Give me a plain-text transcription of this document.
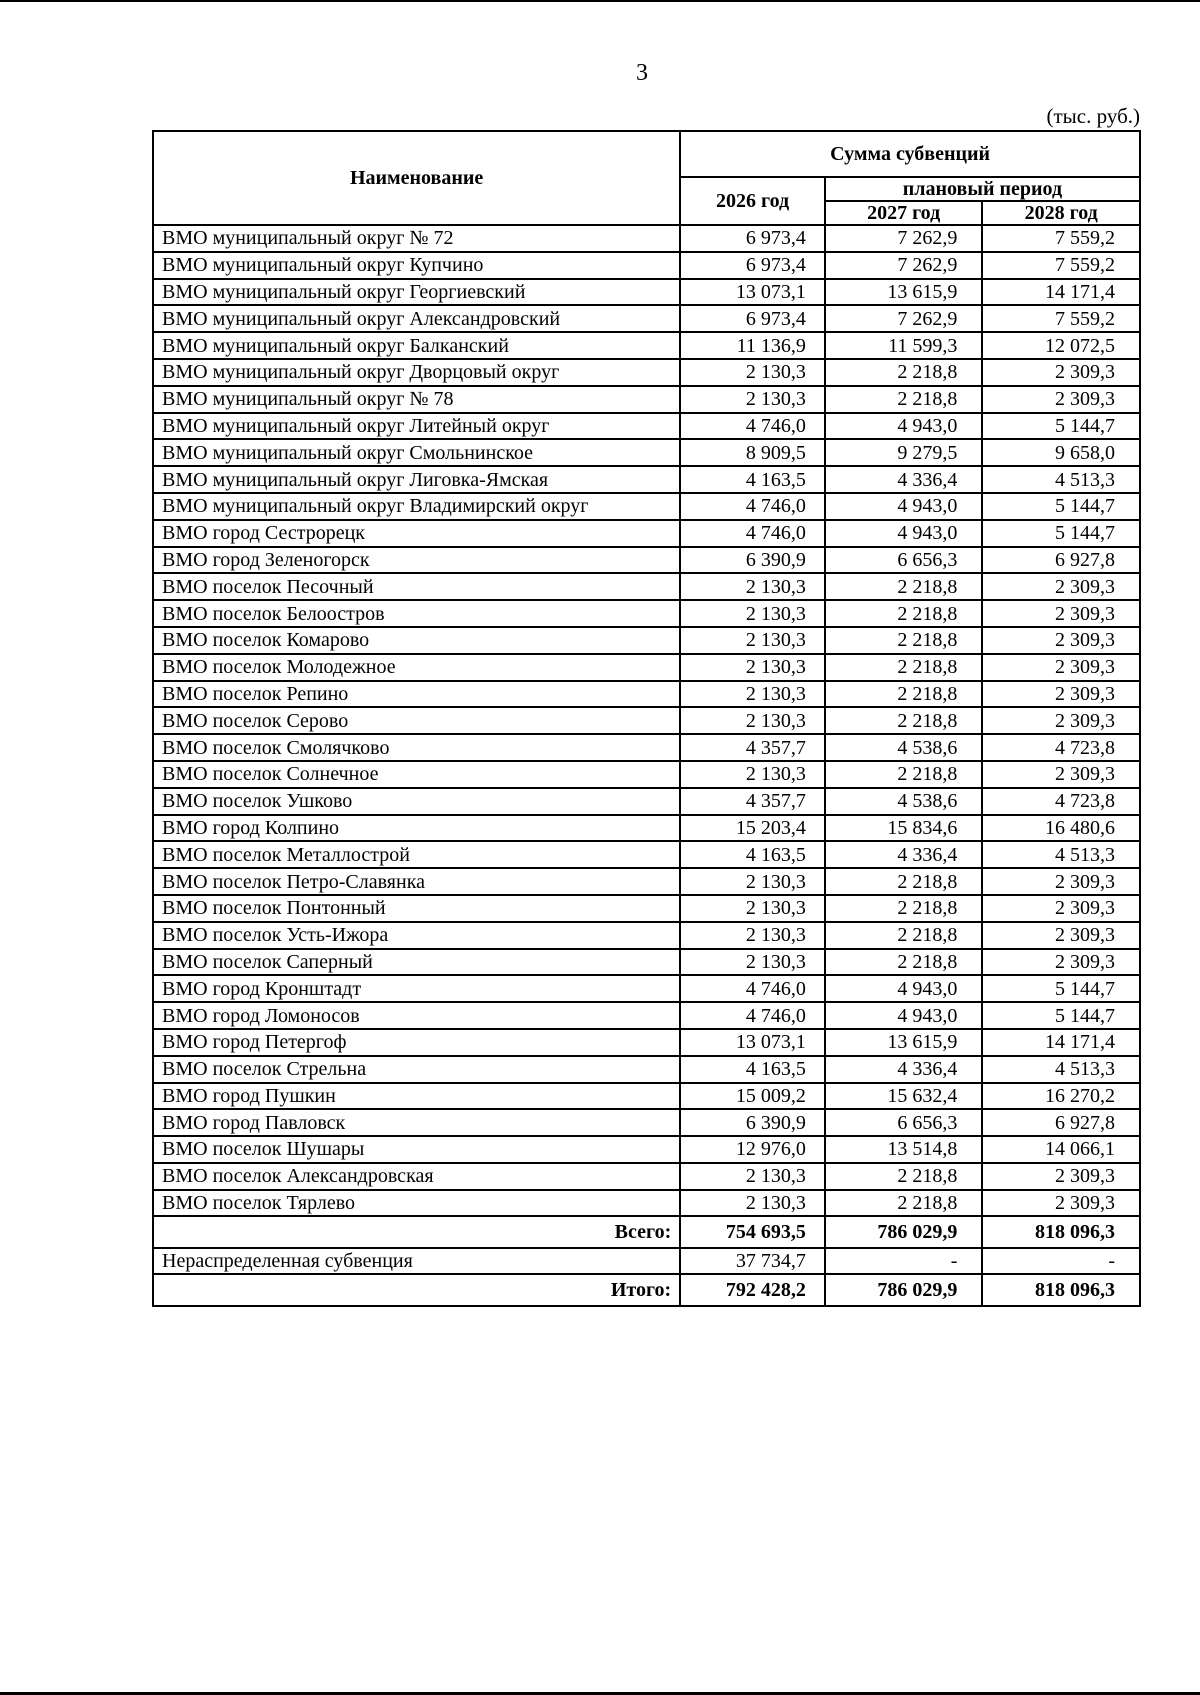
3
(тыс. руб.)
Наименование	Сумма субвенций		
	2026 год	плановый период	
		2027 год	2028 год
ВМО муниципальный округ № 72	6 973,4	7 262,9	7 559,2
ВМО муниципальный округ Купчино	6 973,4	7 262,9	7 559,2
ВМО муниципальный округ Георгиевский	13 073,1	13 615,9	14 171,4
ВМО муниципальный округ Александровский	6 973,4	7 262,9	7 559,2
ВМО муниципальный округ Балканский	11 136,9	11 599,3	12 072,5
ВМО муниципальный округ Дворцовый округ	2 130,3	2 218,8	2 309,3
ВМО муниципальный округ № 78	2 130,3	2 218,8	2 309,3
ВМО муниципальный округ Литейный округ	4 746,0	4 943,0	5 144,7
ВМО муниципальный округ Смольнинское	8 909,5	9 279,5	9 658,0
ВМО муниципальный округ Лиговка-Ямская	4 163,5	4 336,4	4 513,3
ВМО муниципальный округ Владимирский округ	4 746,0	4 943,0	5 144,7
ВМО город Сестрорецк	4 746,0	4 943,0	5 144,7
ВМО город Зеленогорск	6 390,9	6 656,3	6 927,8
ВМО поселок Песочный	2 130,3	2 218,8	2 309,3
ВМО поселок Белоостров	2 130,3	2 218,8	2 309,3
ВМО поселок Комарово	2 130,3	2 218,8	2 309,3
ВМО поселок Молодежное	2 130,3	2 218,8	2 309,3
ВМО поселок Репино	2 130,3	2 218,8	2 309,3
ВМО поселок Серово	2 130,3	2 218,8	2 309,3
ВМО поселок Смолячково	4 357,7	4 538,6	4 723,8
ВМО поселок Солнечное	2 130,3	2 218,8	2 309,3
ВМО поселок Ушково	4 357,7	4 538,6	4 723,8
ВМО город Колпино	15 203,4	15 834,6	16 480,6
ВМО поселок Металлострой	4 163,5	4 336,4	4 513,3
ВМО поселок Петро-Славянка	2 130,3	2 218,8	2 309,3
ВМО поселок Понтонный	2 130,3	2 218,8	2 309,3
ВМО поселок Усть-Ижора	2 130,3	2 218,8	2 309,3
ВМО поселок Саперный	2 130,3	2 218,8	2 309,3
ВМО город Кронштадт	4 746,0	4 943,0	5 144,7
ВМО город Ломоносов	4 746,0	4 943,0	5 144,7
ВМО город Петергоф	13 073,1	13 615,9	14 171,4
ВМО поселок Стрельна	4 163,5	4 336,4	4 513,3
ВМО город Пушкин	15 009,2	15 632,4	16 270,2
ВМО город Павловск	6 390,9	6 656,3	6 927,8
ВМО поселок Шушары	12 976,0	13 514,8	14 066,1
ВМО поселок Александровская	2 130,3	2 218,8	2 309,3
ВМО поселок Тярлево	2 130,3	2 218,8	2 309,3
Всего:	754 693,5	786 029,9	818 096,3
Нераспределенная субвенция	37 734,7	-	-
Итого:	792 428,2	786 029,9	818 096,3
